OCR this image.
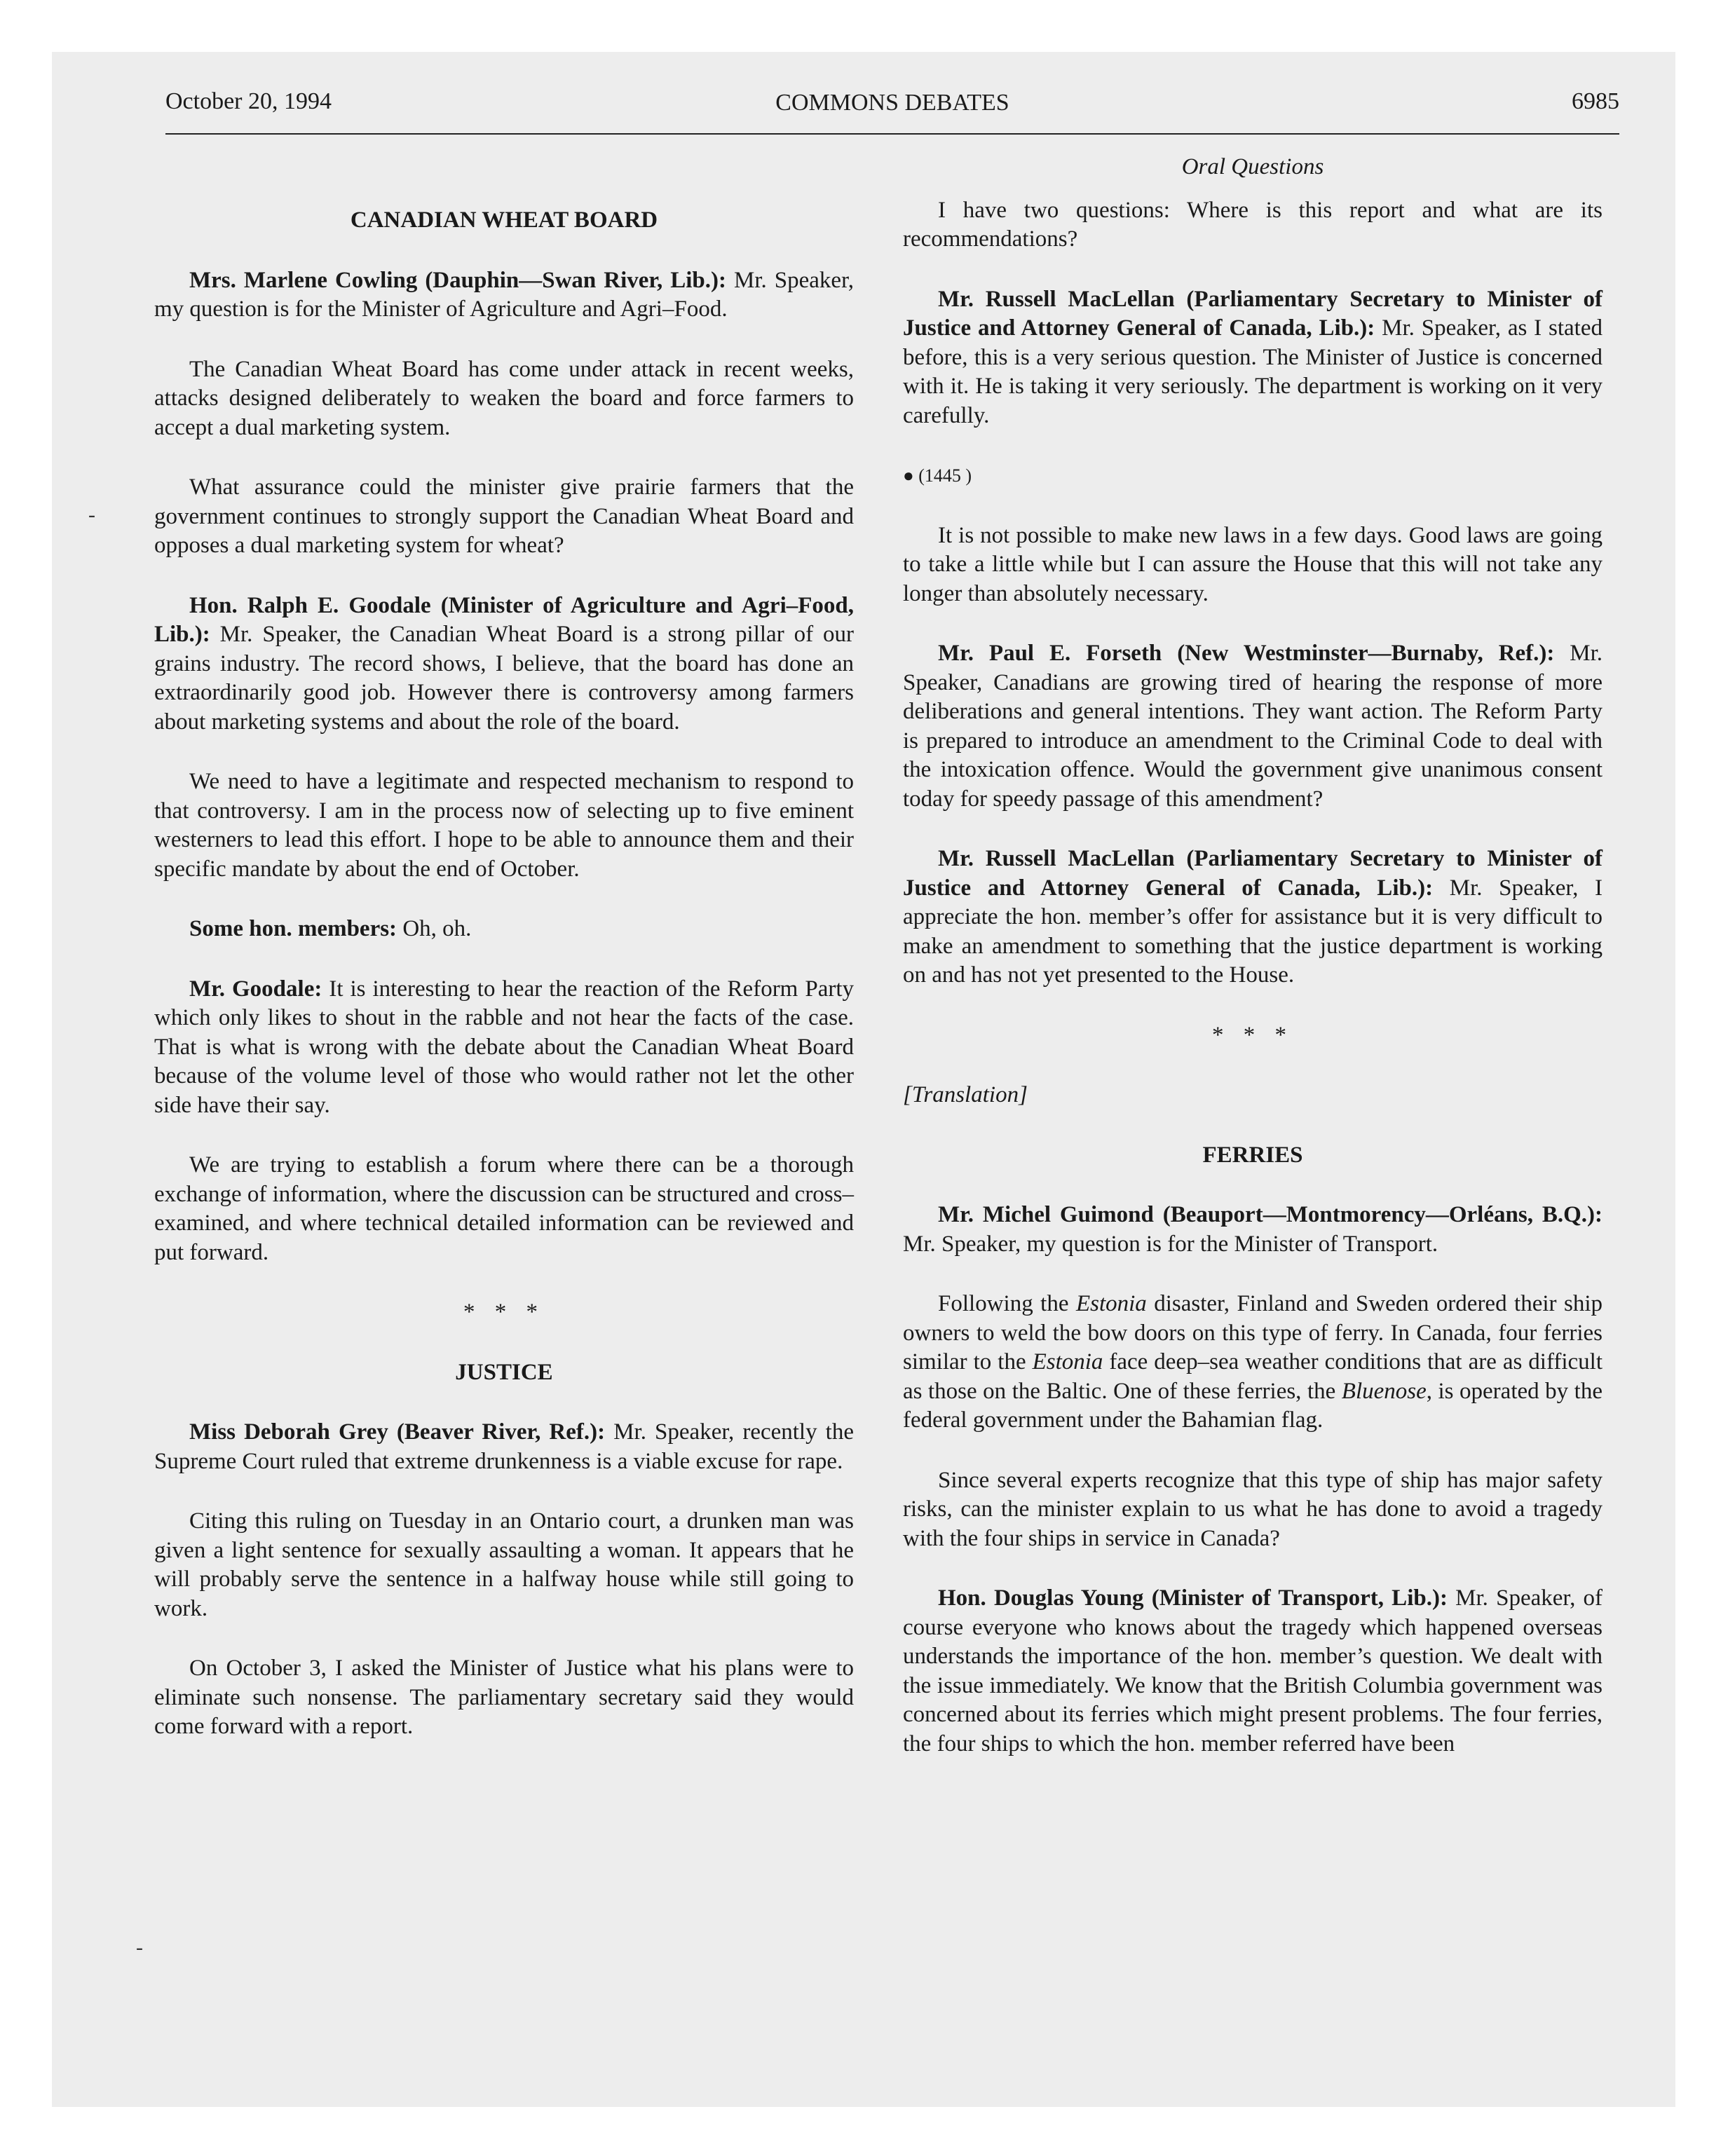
October 20, 1994	COMMONS DEBATES	6985
-
-

CANADIAN WHEAT BOARD

Mrs. Marlene Cowling (Dauphin—Swan River, Lib.): Mr. Speaker, my question is for the Minister of Agriculture and Agri–Food.

The Canadian Wheat Board has come under attack in recent weeks, attacks designed deliberately to weaken the board and force farmers to accept a dual marketing system.

What assurance could the minister give prairie farmers that the government continues to strongly support the Canadian Wheat Board and opposes a dual marketing system for wheat?

Hon. Ralph E. Goodale (Minister of Agriculture and Agri–Food, Lib.): Mr. Speaker, the Canadian Wheat Board is a strong pillar of our grains industry. The record shows, I believe, that the board has done an extraordinarily good job. However there is controversy among farmers about marketing systems and about the role of the board.

We need to have a legitimate and respected mechanism to respond to that controversy. I am in the process now of selecting up to five eminent westerners to lead this effort. I hope to be able to announce them and their specific mandate by about the end of October.

Some hon. members: Oh, oh.

Mr. Goodale: It is interesting to hear the reaction of the Reform Party which only likes to shout in the rabble and not hear the facts of the case. That is what is wrong with the debate about the Canadian Wheat Board because of the volume level of those who would rather not let the other side have their say.

We are trying to establish a forum where there can be a thorough exchange of information, where the discussion can be structured and cross–examined, and where technical detailed information can be reviewed and put forward.

* * *

JUSTICE

Miss Deborah Grey (Beaver River, Ref.): Mr. Speaker, recently the Supreme Court ruled that extreme drunkenness is a viable excuse for rape.

Citing this ruling on Tuesday in an Ontario court, a drunken man was given a light sentence for sexually assaulting a woman. It appears that he will probably serve the sentence in a halfway house while still going to work.

On October 3, I asked the Minister of Justice what his plans were to eliminate such nonsense. The parliamentary secretary said they would come forward with a report.

Oral Questions

I have two questions: Where is this report and what are its recommendations?

Mr. Russell MacLellan (Parliamentary Secretary to Minister of Justice and Attorney General of Canada, Lib.): Mr. Speaker, as I stated before, this is a very serious question. The Minister of Justice is concerned with it. He is taking it very seriously. The department is working on it very carefully.

● (1445 )

It is not possible to make new laws in a few days. Good laws are going to take a little while but I can assure the House that this will not take any longer than absolutely necessary.

Mr. Paul E. Forseth (New Westminster—Burnaby, Ref.): Mr. Speaker, Canadians are growing tired of hearing the response of more deliberations and general intentions. They want action. The Reform Party is prepared to introduce an amendment to the Criminal Code to deal with the intoxication offence. Would the government give unanimous consent today for speedy passage of this amendment?

Mr. Russell MacLellan (Parliamentary Secretary to Minister of Justice and Attorney General of Canada, Lib.): Mr. Speaker, I appreciate the hon. member’s offer for assistance but it is very difficult to make an amendment to something that the justice department is working on and has not yet presented to the House.

* * *

[Translation]

FERRIES

Mr. Michel Guimond (Beauport—Montmorency—Orléans, B.Q.): Mr. Speaker, my question is for the Minister of Transport.

Following the Estonia disaster, Finland and Sweden ordered their ship owners to weld the bow doors on this type of ferry. In Canada, four ferries similar to the Estonia face deep–sea weather conditions that are as difficult as those on the Baltic. One of these ferries, the Bluenose, is operated by the federal government under the Bahamian flag.

Since several experts recognize that this type of ship has major safety risks, can the minister explain to us what he has done to avoid a tragedy with the four ships in service in Canada?

Hon. Douglas Young (Minister of Transport, Lib.): Mr. Speaker, of course everyone who knows about the tragedy which happened overseas understands the importance of the hon. member’s question. We dealt with the issue immediately. We know that the British Columbia government was concerned about its ferries which might present problems. The four ferries, the four ships to which the hon. member referred have been
